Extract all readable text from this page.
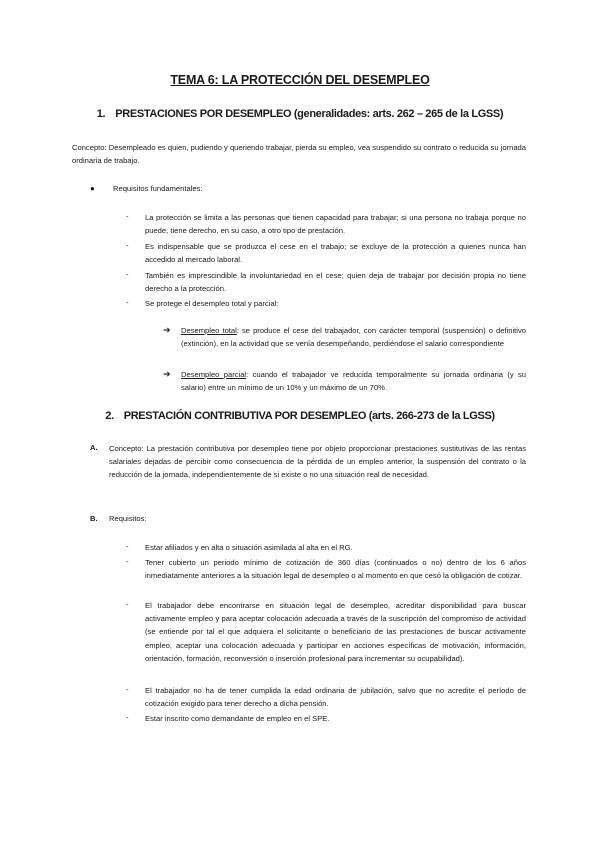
TEMA 6: LA PROTECCIÓN DEL DESEMPLEO
1. PRESTACIONES POR DESEMPLEO (generalidades: arts. 262 – 265 de la LGSS)

Concepto: Desempleado es quien, pudiendo y queriendo trabajar, pierda su empleo, vea suspendido su contrato o reducida su jornada ordinaria de trabajo.

● Requisitos fundamentales:

- La protección se limita a las personas que tienen capacidad para trabajar; si una persona no trabaja porque no puede, tiene derecho, en su caso, a otro tipo de prestación.

- Es indispensable que se produzca el cese en el trabajo; se excluye de la protección a quienes nunca han accedido al mercado laboral.

- También es imprescindible la involuntariedad en el cese; quien deja de trabajar por decisión propia no tiene derecho a la protección.

- Se protege el desempleo total y parcial:

➔ Desempleo total: se produce el cese del trabajador, con carácter temporal (suspensión) o definitivo (extinción), en la actividad que se venía desempeñando, perdiéndose el salario correspondiente

➔ Desempleo parcial: cuando el trabajador ve reducida temporalmente su jornada ordinaria (y su salario) entre un mínimo de un 10% y un máximo de un 70%.

2. PRESTACIÓN CONTRIBUTIVA POR DESEMPLEO (arts. 266-273 de la LGSS)
A. Concepto: La prestación contributiva por desempleo tiene por objeto proporcionar prestaciones sustitutivas de las rentas salariales dejadas de percibir como consecuencia de la pérdida de un empleo anterior, la suspensión del contrato o la reducción de la jornada, independientemente de si existe o no una situación real de necesidad.

B. Requisitos:

- Estar afiliados y en alta o situación asimilada al alta en el RG.

- Tener cubierto un periodo mínimo de cotización de 360 días (continuados o no) dentro de los 6 años inmediatamente anteriores a la situación legal de desempleo o al momento en que cesó la obligación de cotizar.

- El trabajador debe encontrarse en situación legal de desempleo, acreditar disponibilidad para buscar activamente empleo y para aceptar colocación adecuada a través de la suscripción del compromiso de actividad (se entiende por tal el que adquiera el solicitante o beneficiario de las prestaciones de buscar activamente empleo, aceptar una colocación adecuada y participar en acciones específicas de motivación, información, orientación, formación, reconversión o inserción profesional para incrementar su ocupabilidad).

- El trabajador no ha de tener cumplida la edad ordinaria de jubilación, salvo que no acredite el período de cotización exigido para tener derecho a dicha pensión.

- Estar inscrito como demandante de empleo en el SPE.
